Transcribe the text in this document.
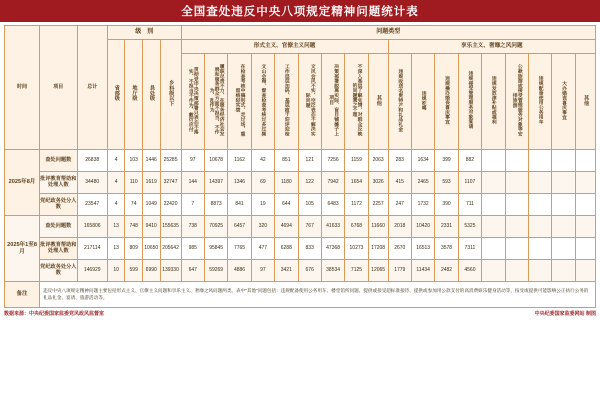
全国查处违反中央八项规定精神问题统计表
时间	项目	总计	级　别				问题类型																	
			省部级	地厅级	县处级	乡科级以下	形式主义、官僚主义问题									享乐主义、奢靡之风问题								
							贯彻党中央决策部署只表态不落实、不担当不作为、敷衍应付	履职尽责不力、在服务经济社会发展和服务群众方面不担当、不作为、乱作为	在检查考核中搞形式、走过场，重留痕轻实绩	文山会海、督查检查考核过多过频	工作层层加码、基层疲于迎评迎检	文风会风不实、空泛表态不解决实际问题	决策部署脱离实际、盲目铺摊子上项目	不深入基层了解实情、对群众反映的问题置之不理	其他	违规收送名贵特产和礼品礼金	违规吃喝	违规操办婚丧喜庆事宜	违规接受管理服务对象宴请	违规发放津补贴或福利	公款旅游或接受管理服务对象等安排旅游	违规配备使用公务用车	大办婚丧喜庆事宜	其他
2025年8月	查处问题数	26838	4	103	1446	25285	97	10678	1162	42	851	121	7256	1159	2063	283	1634	399	882					
	批评教育帮助和处理人数	34480	4	110	1619	32747	144	14397	1346	69	1180	122	7942	1654	3026	415	2465	593	1107					
	党纪政务处分人数	23547	4	74	1049	22420	7	8873	841	19	644	105	6483	1172	2257	247	1732	390	711					
2025年1至8月	查处问题数	165806	13	748	9410	155635	738	70925	6457	320	4694	767	41633	6768	11660	2018	10420	2331	5325					
	批评教育帮助和处理人数	217114	13	809	10650	205642	985	95845	7765	477	6288	833	47368	10273	17208	2670	16513	3578	7311					
	党纪政务处分人数	146929	10	599	6990	139330	647	59269	4886	97	3421	676	38534	7125	12065	1779	11434	2482	4560					
备注	违反中央八项规定精神问题主要包括形式主义、官僚主义问题和享乐主义、奢靡之风问题两类。表中"其他"问题包括：违规配备使用公务用车、楼堂馆所问题、提供或接受超标准接待、提供或参加用公款支付的高消费娱乐健身活动等，按受或提供可能影响公正执行公务的礼品礼金、宴请、旅游活动等。																							
数据来源：中央纪委国家监委党风政风监督室	中央纪委国家监委网站 制图
